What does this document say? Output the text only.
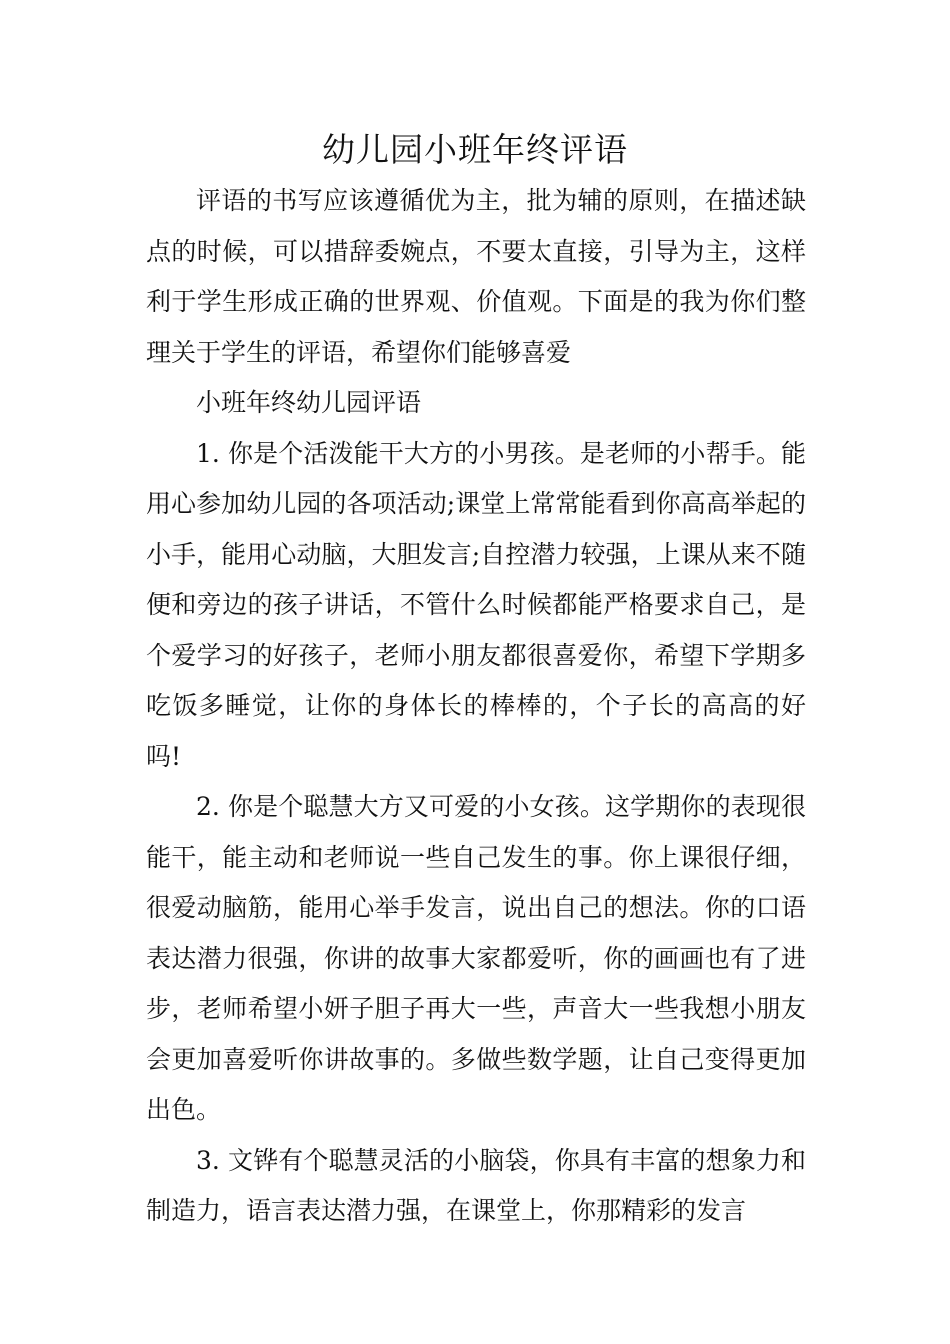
幼儿园小班年终评语

评语的书写应该遵循优为主，批为辅的原则，在描述缺点的时候，可以措辞委婉点，不要太直接，引导为主，这样利于学生形成正确的世界观、价值观。下面是的我为你们整理关于学生的评语，希望你们能够喜爱

小班年终幼儿园评语

1. 你是个活泼能干大方的小男孩。是老师的小帮手。能用心参加幼儿园的各项活动;课堂上常常能看到你高高举起的小手，能用心动脑，大胆发言;自控潜力较强，上课从来不随便和旁边的孩子讲话，不管什么时候都能严格要求自己，是个爱学习的好孩子，老师小朋友都很喜爱你，希望下学期多吃饭多睡觉，让你的身体长的棒棒的，个子长的高高的好吗!

2. 你是个聪慧大方又可爱的小女孩。这学期你的表现很能干，能主动和老师说一些自己发生的事。你上课很仔细，很爱动脑筋，能用心举手发言，说出自己的想法。你的口语表达潜力很强，你讲的故事大家都爱听，你的画画也有了进步，老师希望小妍子胆子再大一些，声音大一些我想小朋友会更加喜爱听你讲故事的。多做些数学题，让自己变得更加出色。

3. 文铧有个聪慧灵活的小脑袋，你具有丰富的想象力和制造力，语言表达潜力强，在课堂上，你那精彩的发言
